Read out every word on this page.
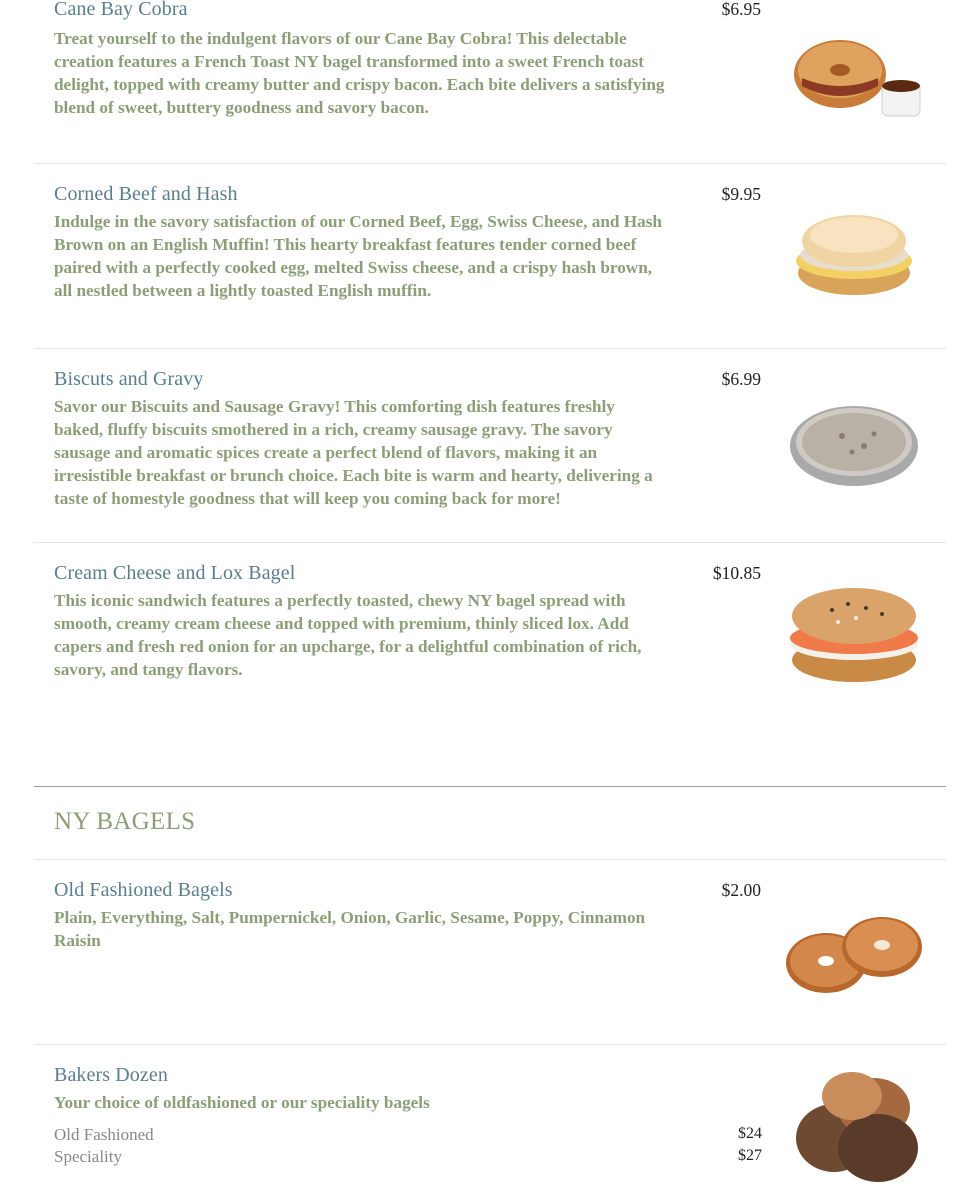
Cane Bay Cobra	$6.95

Treat yourself to the indulgent flavors of our Cane Bay Cobra! This delectable creation features a French Toast NY bagel transformed into a sweet French toast delight, topped with creamy butter and crispy bacon. Each bite delivers a satisfying blend of sweet, buttery goodness and savory bacon.

Corned Beef and Hash	$9.95

Indulge in the savory satisfaction of our Corned Beef, Egg, Swiss Cheese, and Hash Brown on an English Muffin! This hearty breakfast features tender corned beef paired with a perfectly cooked egg, melted Swiss cheese, and a crispy hash brown, all nestled between a lightly toasted English muffin.

Biscuts and Gravy	$6.99

Savor our Biscuits and Sausage Gravy! This comforting dish features freshly baked, fluffy biscuits smothered in a rich, creamy sausage gravy. The savory sausage and aromatic spices create a perfect blend of flavors, making it an irresistible breakfast or brunch choice. Each bite is warm and hearty, delivering a taste of homestyle goodness that will keep you coming back for more!

Cream Cheese and Lox Bagel	$10.85

This iconic sandwich features a perfectly toasted, chewy NY bagel spread with smooth, creamy cream cheese and topped with premium, thinly sliced lox. Add capers and fresh red onion for an upcharge, for a delightful combination of rich, savory, and tangy flavors.

NY BAGELS
Old Fashioned Bagels	$2.00

Plain, Everything, Salt, Pumpernickel, Onion, Garlic, Sesame, Poppy, Cinnamon Raisin

Bakers Dozen

Your choice of oldfashioned or our speciality bagels

Old Fashioned	$24
Speciality	$27
